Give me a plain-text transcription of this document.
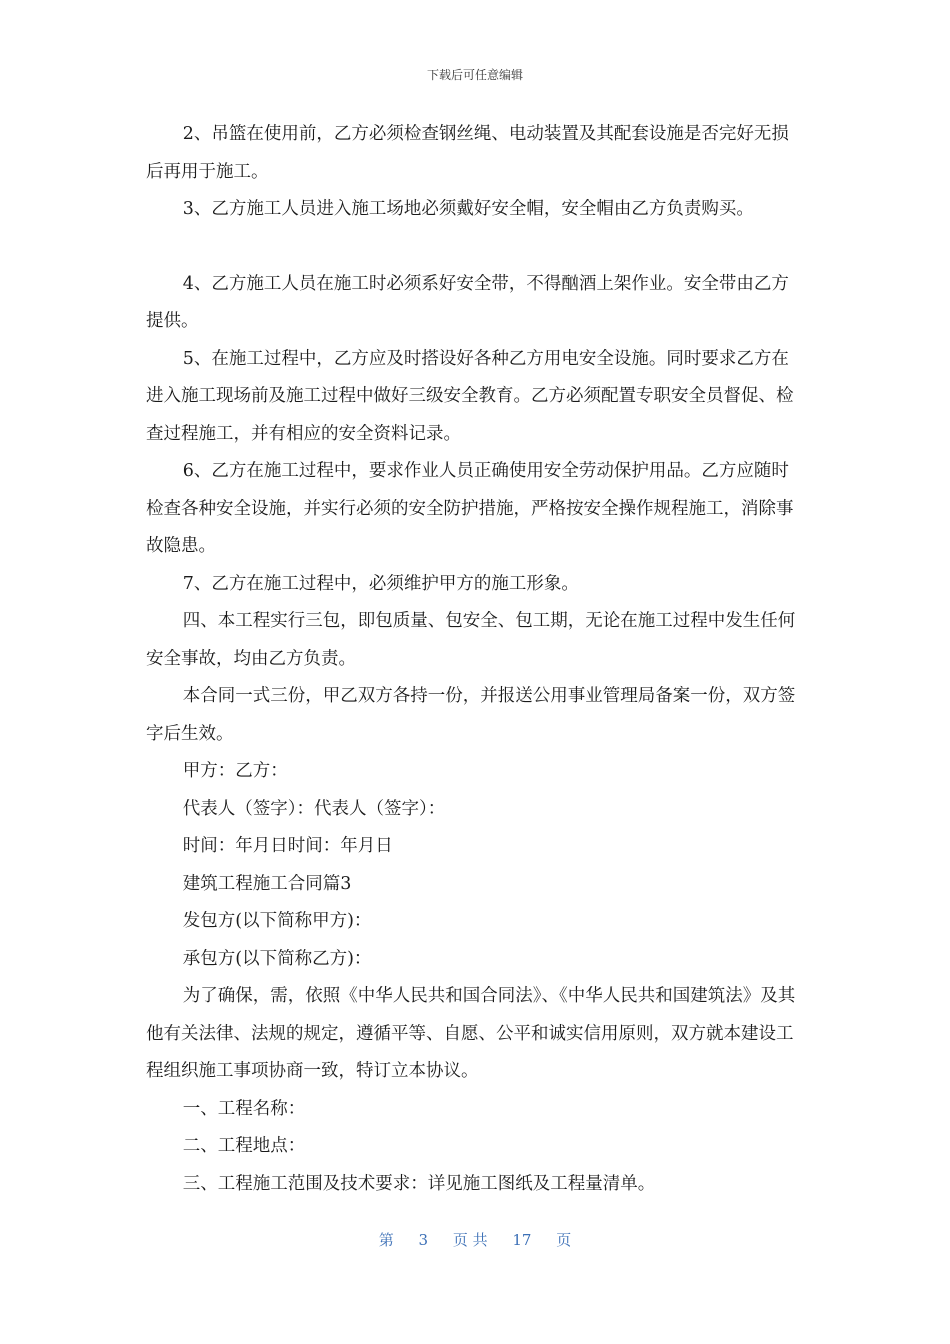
下载后可任意编辑

2、吊篮在使用前，乙方必须检查钢丝绳、电动装置及其配套设施是否完好无损后再用于施工。

3、乙方施工人员进入施工场地必须戴好安全帽，安全帽由乙方负责购买。

4、乙方施工人员在施工时必须系好安全带，不得酗酒上架作业。安全带由乙方提供。

5、在施工过程中，乙方应及时搭设好各种乙方用电安全设施。同时要求乙方在进入施工现场前及施工过程中做好三级安全教育。乙方必须配置专职安全员督促、检查过程施工，并有相应的安全资料记录。

6、乙方在施工过程中，要求作业人员正确使用安全劳动保护用品。乙方应随时检查各种安全设施，并实行必须的安全防护措施，严格按安全操作规程施工，消除事故隐患。

7、乙方在施工过程中，必须维护甲方的施工形象。

四、本工程实行三包，即包质量、包安全、包工期，无论在施工过程中发生任何安全事故，均由乙方负责。

本合同一式三份，甲乙双方各持一份，并报送公用事业管理局备案一份，双方签字后生效。

甲方：乙方：

代表人（签字）：代表人（签字）：

时间：年月日时间：年月日

建筑工程施工合同篇3

发包方(以下简称甲方)：

承包方(以下简称乙方)：

为了确保，需，依照《中华人民共和国合同法》、《中华人民共和国建筑法》及其他有关法律、法规的规定，遵循平等、自愿、公平和诚实信用原则，双方就本建设工程组织施工事项协商一致，特订立本协议。

一、工程名称：

二、工程地点：

三、工程施工范围及技术要求：详见施工图纸及工程量清单。

第 3 页 共 17 页
